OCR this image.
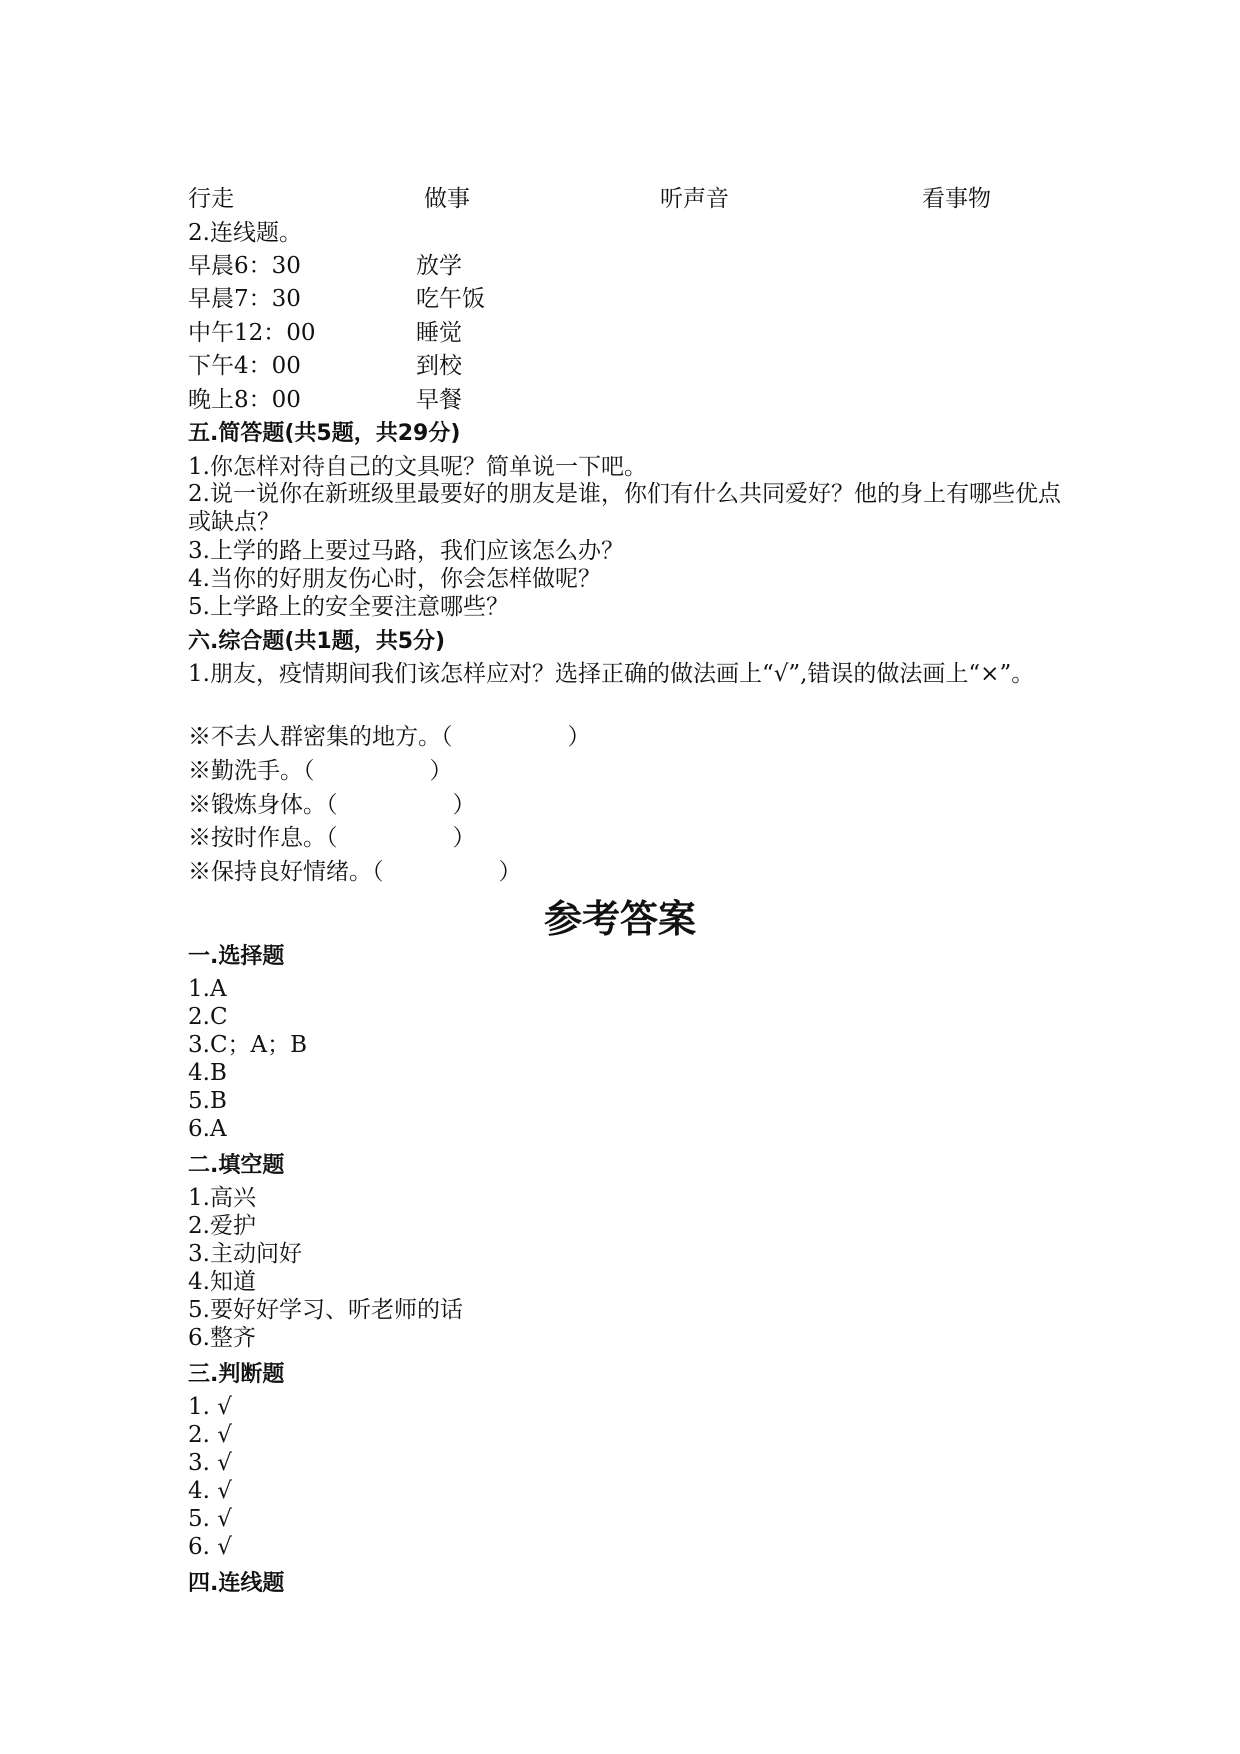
行走	做事	听声音	看事物
2.连线题。
早晨6：30	放学
早晨7：30	吃午饭
中午12：00	睡觉
下午4：00	到校
晚上8：00	早餐
五.简答题(共5题，共29分)
1.你怎样对待自己的文具呢？简单说一下吧。
2.说一说你在新班级里最要好的朋友是谁，你们有什么共同爱好？他的身上有哪些优点或缺点？
3.上学的路上要过马路，我们应该怎么办？
4.当你的好朋友伤心时，你会怎样做呢？
5.上学路上的安全要注意哪些？
六.综合题(共1题，共5分)
1.朋友，疫情期间我们该怎样应对？选择正确的做法画上“√”,错误的做法画上“×”。
※不去人群密集的地方。（　　　　　）
※勤洗手。（　　　　　）
※锻炼身体。（　　　　　）
※按时作息。（　　　　　）
※保持良好情绪。（　　　　　）
参考答案
一.选择题
1.A
2.C
3.C；A；B
4.B
5.B
6.A
二.填空题
1.高兴
2.爱护
3.主动问好
4.知道
5.要好好学习、听老师的话
6.整齐
三.判断题
1. √
2. √
3. √
4. √
5. √
6. √
四.连线题
